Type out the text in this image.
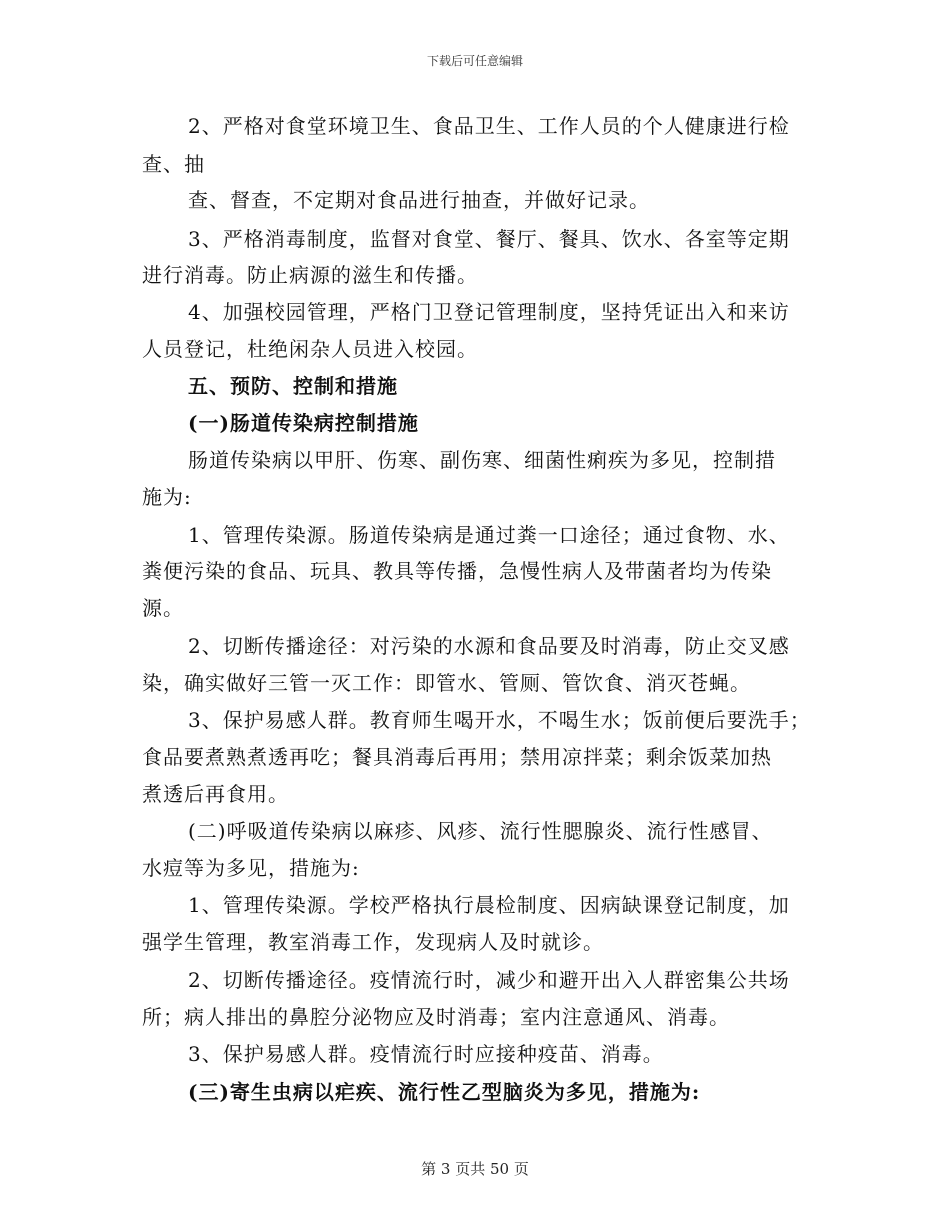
下载后可任意编辑
2、严格对食堂环境卫生、食品卫生、工作人员的个人健康进行检
查、抽
查、督查，不定期对食品进行抽查，并做好记录。
3、严格消毒制度，监督对食堂、餐厅、餐具、饮水、各室等定期
进行消毒。防止病源的滋生和传播。
4、加强校园管理，严格门卫登记管理制度，坚持凭证出入和来访
人员登记，杜绝闲杂人员进入校园。
五、预防、控制和措施
(一)肠道传染病控制措施
肠道传染病以甲肝、伤寒、副伤寒、细菌性痢疾为多见，控制措
施为:
1、管理传染源。肠道传染病是通过粪一口途径；通过食物、水、
粪便污染的食品、玩具、教具等传播，急慢性病人及带菌者均为传染
源。
2、切断传播途径：对污染的水源和食品要及时消毒，防止交叉感
染，确实做好三管一灭工作：即管水、管厕、管饮食、消灭苍蝇。
3、保护易感人群。教育师生喝开水，不喝生水；饭前便后要洗手；
食品要煮熟煮透再吃；餐具消毒后再用；禁用凉拌菜；剩余饭菜加热
煮透后再食用。
(二)呼吸道传染病以麻疹、风疹、流行性腮腺炎、流行性感冒、
水痘等为多见，措施为:
1、管理传染源。学校严格执行晨检制度、因病缺课登记制度，加
强学生管理，教室消毒工作，发现病人及时就诊。
2、切断传播途径。疫情流行时，减少和避开出入人群密集公共场
所；病人排出的鼻腔分泌物应及时消毒；室内注意通风、消毒。
3、保护易感人群。疫情流行时应接种疫苗、消毒。
(三)寄生虫病以疟疾、流行性乙型脑炎为多见，措施为:
第 3 页共 50 页
